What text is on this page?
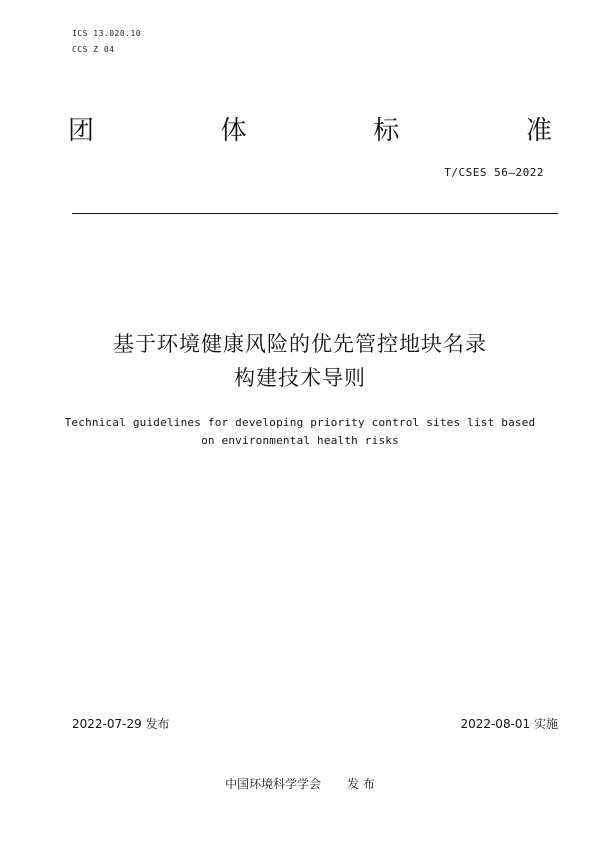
ICS 13.020.10
CCS Z 04
团	体	标	准
T/CSES 56—2022
基于环境健康风险的优先管控地块名录
构建技术导则
Technical guidelines for developing priority control sites list based
on environmental health risks
2022-07-29 发布	2022-08-01 实施
中国环境科学学会 发 布
